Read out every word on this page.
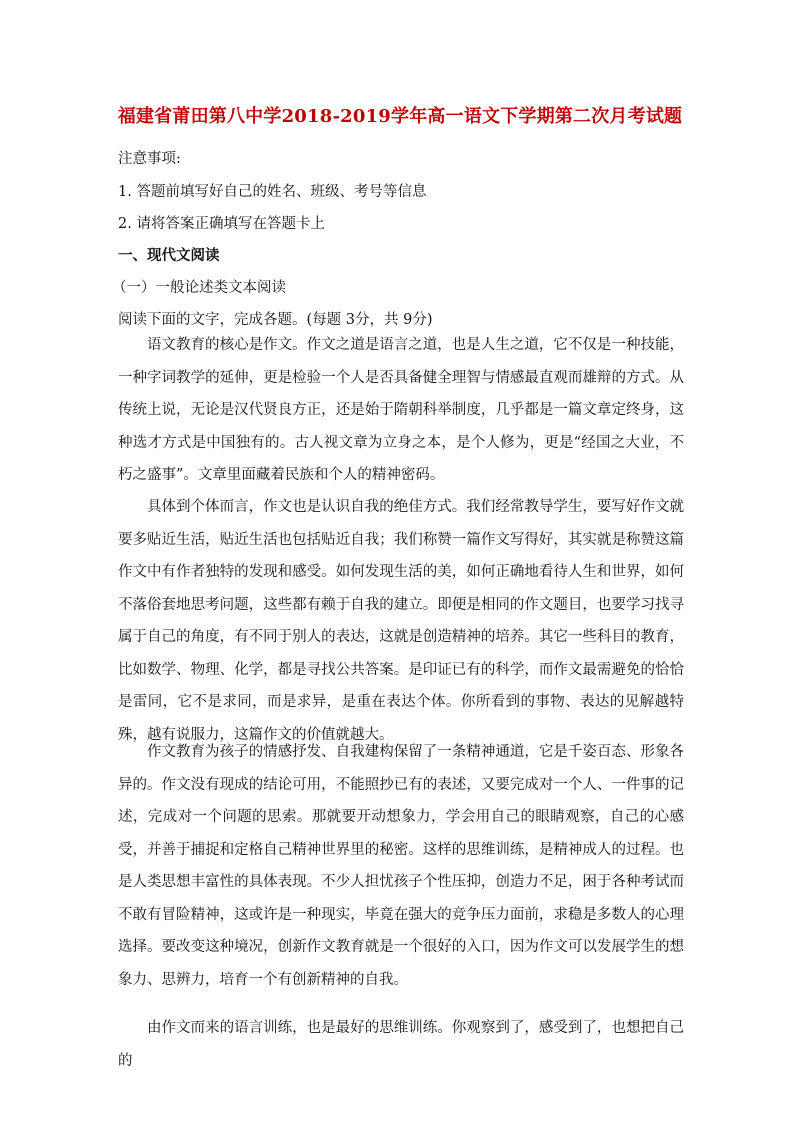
福建省莆田第八中学2018-2019学年高一语文下学期第二次月考试题
注意事项:
1. 答题前填写好自己的姓名、班级、考号等信息
2. 请将答案正确填写在答题卡上
一、现代文阅读
（一）一般论述类文本阅读
阅读下面的文字，完成各题。(每题 3分，共 9分)
语文教育的核心是作文。作文之道是语言之道，也是人生之道，它不仅是一种技能，一种字词教学的延伸，更是检验一个人是否具备健全理智与情感最直观而雄辩的方式。从传统上说，无论是汉代贤良方正，还是始于隋朝科举制度，几乎都是一篇文章定终身，这种选才方式是中国独有的。古人视文章为立身之本，是个人修为，更是“经国之大业，不朽之盛事”。文章里面藏着民族和个人的精神密码。
具体到个体而言，作文也是认识自我的绝佳方式。我们经常教导学生，要写好作文就要多贴近生活，贴近生活也包括贴近自我；我们称赞一篇作文写得好，其实就是称赞这篇作文中有作者独特的发现和感受。如何发现生活的美，如何正确地看待人生和世界，如何不落俗套地思考问题，这些都有赖于自我的建立。即便是相同的作文题目，也要学习找寻属于自己的角度，有不同于别人的表达，这就是创造精神的培养。其它一些科目的教育，比如数学、物理、化学，都是寻找公共答案。是印证已有的科学，而作文最需避免的恰恰是雷同，它不是求同，而是求异，是重在表达个体。你所看到的事物、表达的见解越特殊，越有说服力，这篇作文的价值就越大。
作文教育为孩子的情感抒发、自我建构保留了一条精神通道，它是千姿百态、形象各异的。作文没有现成的结论可用，不能照抄已有的表述，又要完成对一个人、一件事的记述，完成对一个问题的思索。那就要开动想象力，学会用自己的眼睛观察，自己的心感受，并善于捕捉和定格自己精神世界里的秘密。这样的思维训练，是精神成人的过程。也是人类思想丰富性的具体表现。不少人担忧孩子个性压抑，创造力不足，困于各种考试而不敢有冒险精神，这或许是一种现实，毕竟在强大的竞争压力面前，求稳是多数人的心理选择。要改变这种境况，创新作文教育就是一个很好的入口，因为作文可以发展学生的想象力、思辨力，培育一个有创新精神的自我。
由作文而来的语言训练，也是最好的思维训练。你观察到了，感受到了，也想把自己的
